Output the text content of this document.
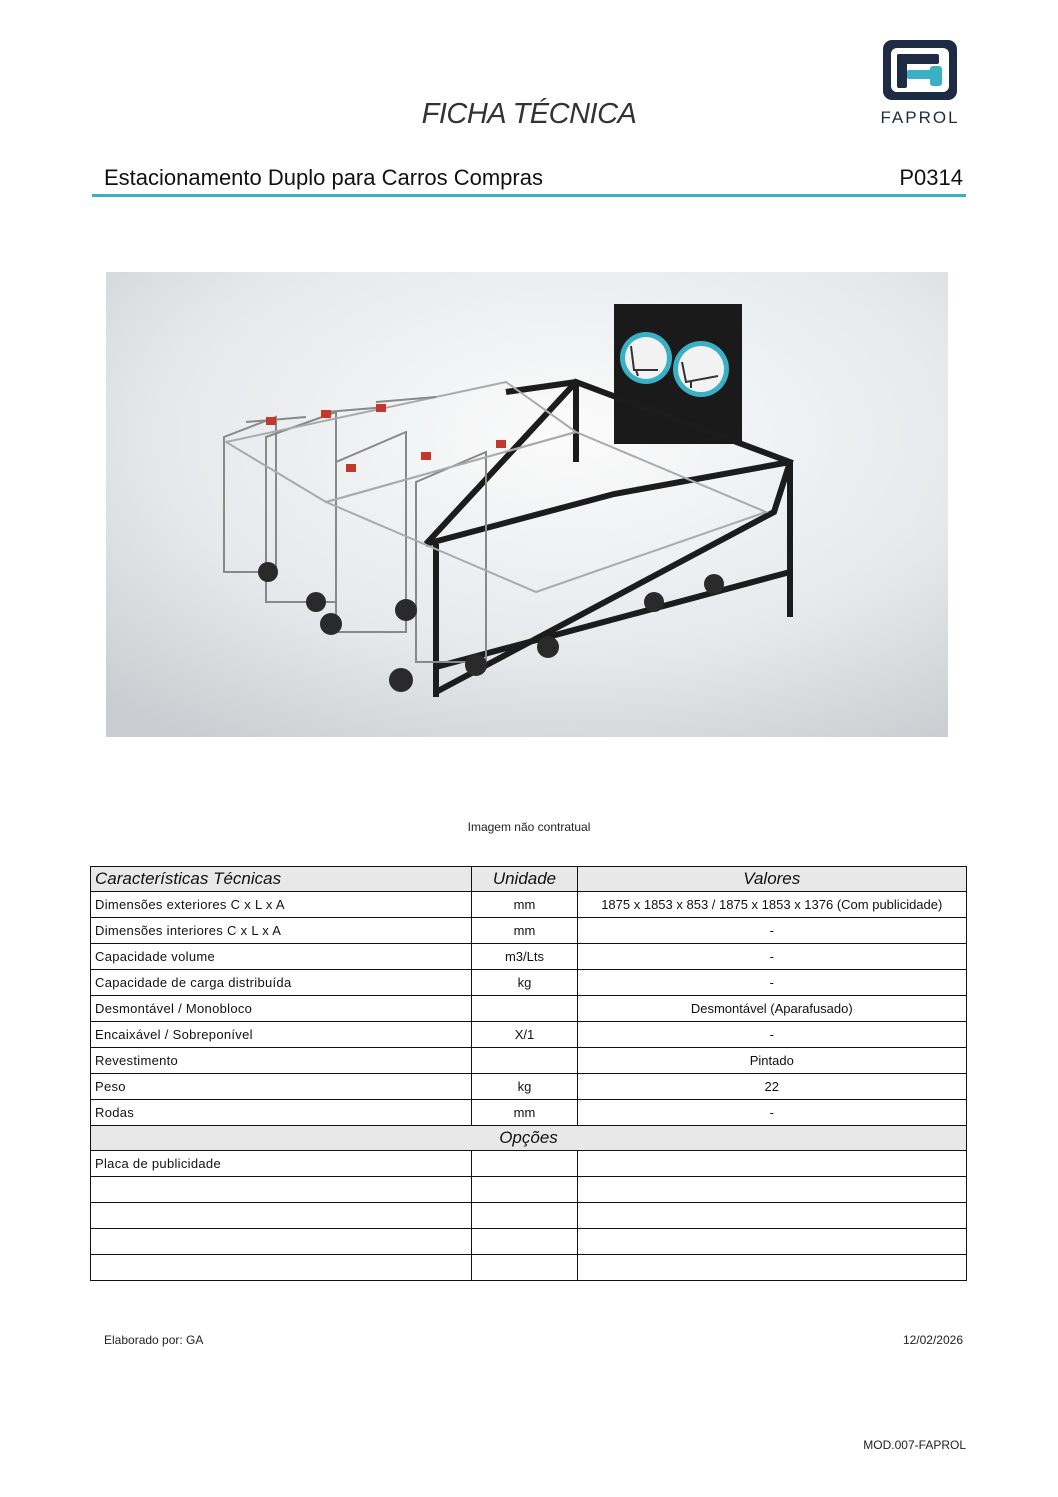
FAPROL
FICHA TÉCNICA
Estacionamento Duplo para Carros Compras	P0314
Imagem não contratual
Características Técnicas	Unidade	Valores
Dimensões exteriores C x L x A	mm	1875 x 1853 x 853 / 1875 x 1853 x 1376 (Com publicidade)
Dimensões interiores C x L x A	mm	-
Capacidade volume	m3/Lts	-
Capacidade de carga distribuída	kg	-
Desmontável / Monobloco		Desmontável (Aparafusado)
Encaixável / Sobreponível	X/1	-
Revestimento		Pintado
Peso	kg	22
Rodas	mm	-
Opções		
Placa de publicidade		

Elaborado por: GA	12/02/2026
MOD.007-FAPROL
